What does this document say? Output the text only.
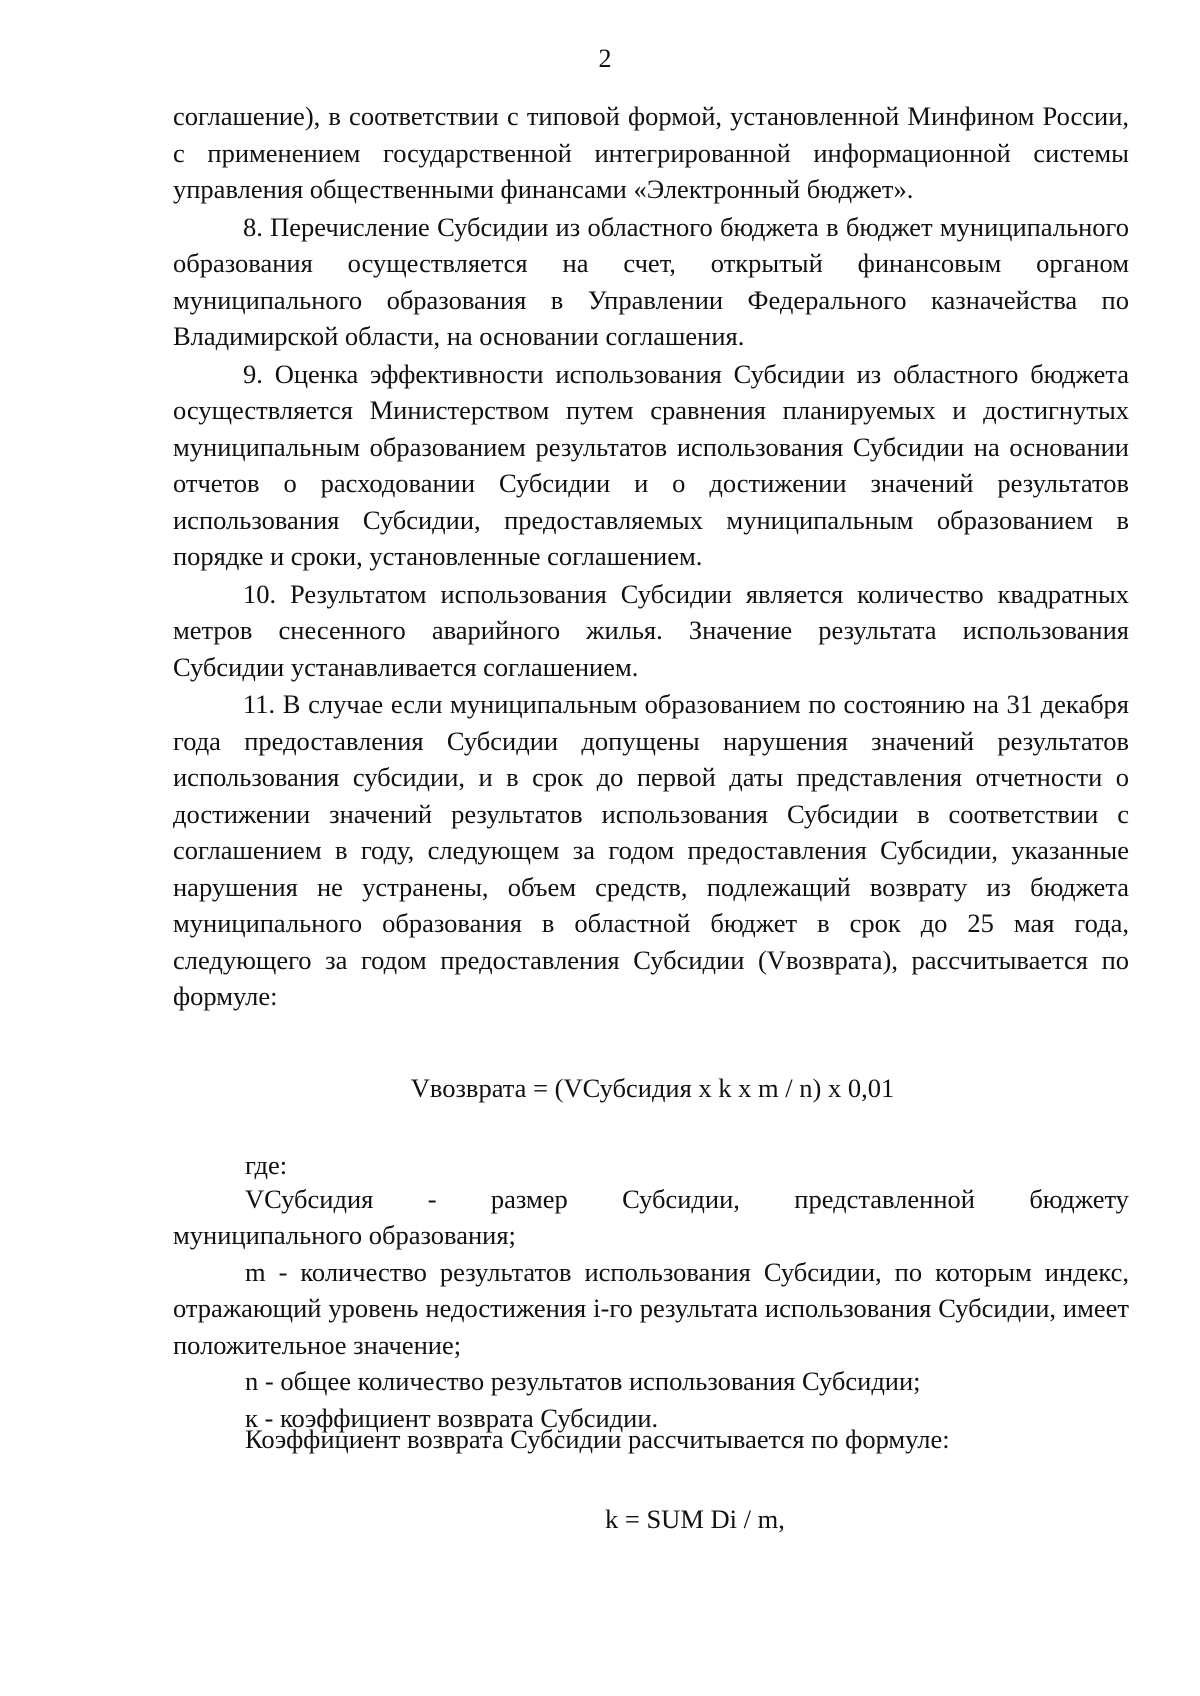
2

соглашение), в соответствии с типовой формой, установленной Минфином России, с применением государственной интегрированной информационной системы управления общественными финансами «Электронный бюджет».

8. Перечисление Субсидии из областного бюджета в бюджет муниципального образования осуществляется на счет, открытый финансовым органом муниципального образования в Управлении Федерального казначейства по Владимирской области, на основании соглашения.

9. Оценка эффективности использования Субсидии из областного бюджета осуществляется Министерством путем сравнения планируемых и достигнутых муниципальным образованием результатов использования Субсидии на основании отчетов о расходовании Субсидии и о достижении значений результатов использования Субсидии, предоставляемых муниципальным образованием в порядке и сроки, установленные соглашением.

10. Результатом использования Субсидии является количество квадратных метров снесенного аварийного жилья. Значение результата использования Субсидии устанавливается соглашением.

11. В случае если муниципальным образованием по состоянию на 31 декабря года предоставления Субсидии допущены нарушения значений результатов использования субсидии, и в срок до первой даты представления отчетности о достижении значений результатов использования Субсидии в соответствии с соглашением в году, следующем за годом предоставления Субсидии, указанные нарушения не устранены, объем средств, подлежащий возврату из бюджета муниципального образования в областной бюджет в срок до 25 мая года, следующего за годом предоставления Субсидии (Vвозврата), рассчитывается по формуле:

Vвозврата = (VСубсидия x k x m / n) x 0,01

где:

VСубсидия - размер Субсидии, представленной бюджету

муниципального образования;

m - количество результатов использования Субсидии, по которым индекс, отражающий уровень недостижения i-го результата использования Субсидии, имеет положительное значение;

n - общее количество результатов использования Субсидии;

к - коэффициент возврата Субсидии.

Коэффициент возврата Субсидии рассчитывается по формуле:
k = SUM Di / m,
